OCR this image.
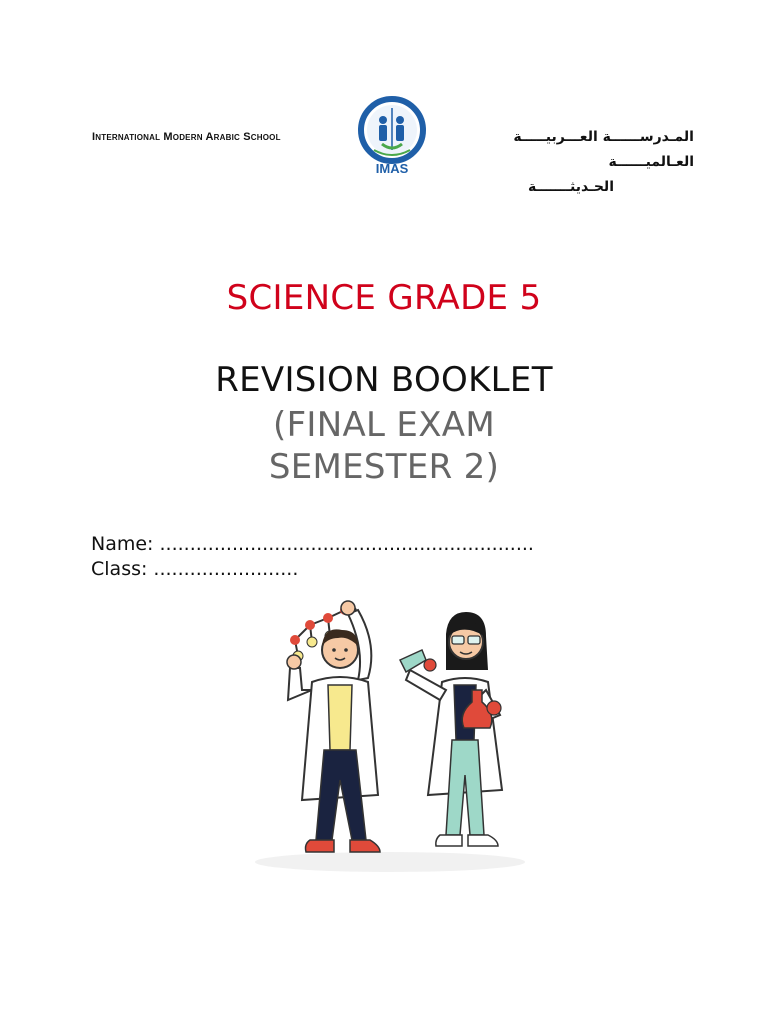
International Modern Arabic School
IMAS
المـدرســــــة العـــربيـــــة العـالميــــــة
الحـديثـــــــة
SCIENCE GRADE 5
REVISION BOOKLET
(FINAL EXAM
SEMESTER 2)
Name: ..............................................................
Class: ........................
